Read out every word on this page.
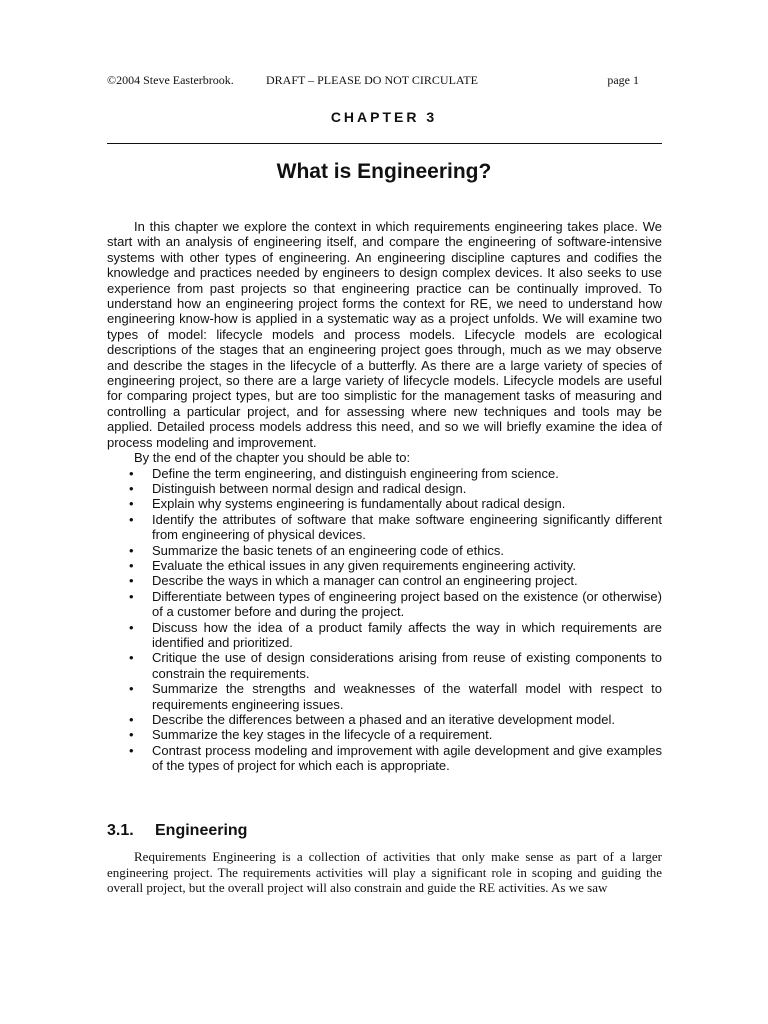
©2004 Steve Easterbrook.	DRAFT – PLEASE DO NOT CIRCULATE	page 1
CHAPTER 3
What is Engineering?

In this chapter we explore the context in which requirements engineering takes place. We start with an analysis of engineering itself, and compare the engineering of software-intensive systems with other types of engineering. An engineering discipline captures and codifies the knowledge and practices needed by engineers to design complex devices. It also seeks to use experience from past projects so that engineering practice can be continually improved. To understand how an engineering project forms the context for RE, we need to understand how engineering know-how is applied in a systematic way as a project unfolds. We will examine two types of model: lifecycle models and process models. Lifecycle models are ecological descriptions of the stages that an engineering project goes through, much as we may observe and describe the stages in the lifecycle of a butterfly. As there are a large variety of species of engineering project, so there are a large variety of lifecycle models. Lifecycle models are useful for comparing project types, but are too simplistic for the management tasks of measuring and controlling a particular project, and for assessing where new techniques and tools may be applied. Detailed process models address this need, and so we will briefly examine the idea of process modeling and improvement.

By the end of the chapter you should be able to:

• Define the term engineering, and distinguish engineering from science.
• Distinguish between normal design and radical design.
• Explain why systems engineering is fundamentally about radical design.
• Identify the attributes of software that make software engineering significantly different from engineering of physical devices.
• Summarize the basic tenets of an engineering code of ethics.
• Evaluate the ethical issues in any given requirements engineering activity.
• Describe the ways in which a manager can control an engineering project.
• Differentiate between types of engineering project based on the existence (or otherwise) of a customer before and during the project.
• Discuss how the idea of a product family affects the way in which requirements are identified and prioritized.
• Critique the use of design considerations arising from reuse of existing components to constrain the requirements.
• Summarize the strengths and weaknesses of the waterfall model with respect to requirements engineering issues.
• Describe the differences between a phased and an iterative development model.
• Summarize the key stages in the lifecycle of a requirement.
• Contrast process modeling and improvement with agile development and give examples of the types of project for which each is appropriate.
3.1. Engineering

Requirements Engineering is a collection of activities that only make sense as part of a larger engineering project. The requirements activities will play a significant role in scoping and guiding the overall project, but the overall project will also constrain and guide the RE activities. As we saw
